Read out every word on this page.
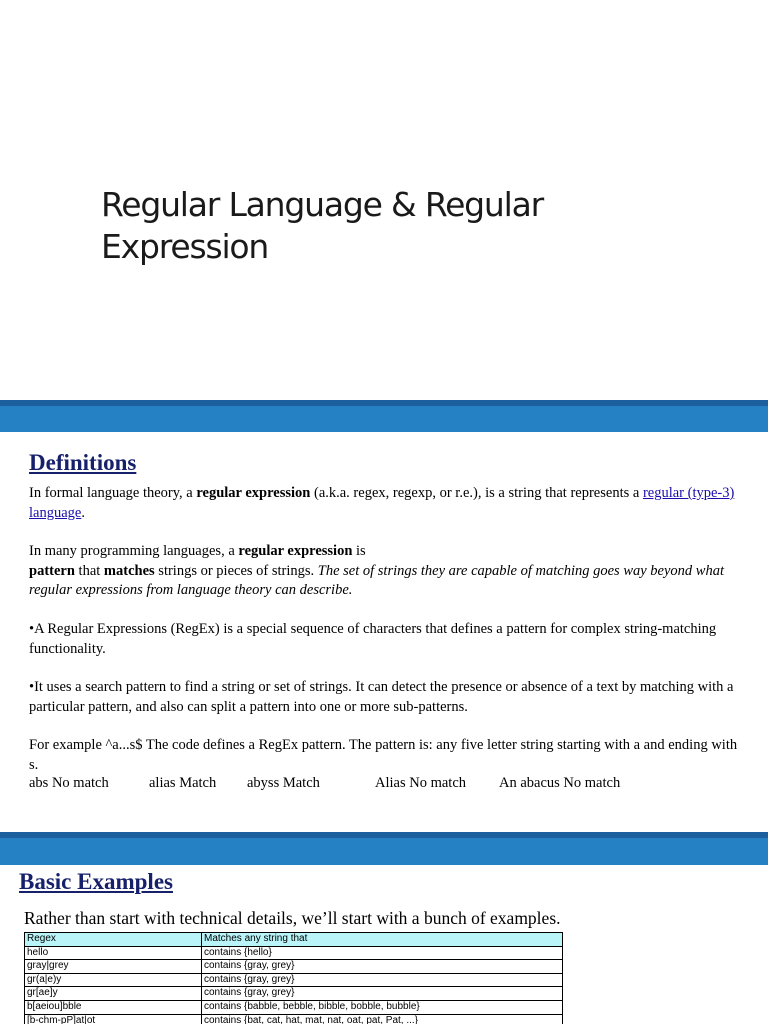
Regular Language & Regular
Expression
Definitions

In formal language theory, a regular expression (a.k.a. regex, regexp, or r.e.), is a string that represents a regular (type-3) language.

In many programming languages, a regular expression is
pattern that matches strings or pieces of strings. The set of strings they are capable of matching goes way beyond what regular expressions from language theory can describe.

•A Regular Expressions (RegEx) is a special sequence of characters that defines a pattern for complex string-matching functionality.

•It uses a search pattern to find a string or set of strings. It can detect the presence or absence of a text by matching with a particular pattern, and also can split a pattern into one or more sub-patterns.

For example ^a...s$ The code defines a RegEx pattern. The pattern is: any five letter string starting with a and ending with s.

abs No match	alias Match abyss Match	Alias No match An abacus No match
Basic Examples

Rather than start with technical details, we’ll start with a bunch of examples.

Regex	Matches any string that
hello	contains {hello}
gray|grey	contains {gray, grey}
gr(a|e)y	contains {gray, grey}
gr[ae]y	contains {gray, grey}
b[aeiou]bble	contains {babble, bebble, bibble, bobble, bubble}
[b-chm-pP]at|ot	contains {bat, cat, hat, mat, nat, oat, pat, Pat, ...}
